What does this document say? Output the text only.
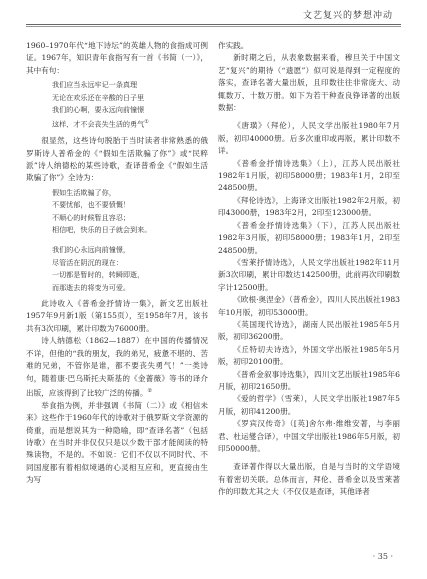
文艺复兴的梦想冲动

1960–1970年代“地下诗坛”的英雄人物的食指成可例证。1967年，知识青年食指写有一首《书简（一）》，其中有句：

我们应当永远牢记一条真理
无论在欢乐还在辛酸的日子里
我们的心啊，要永远向前憧憬
这样，才不会丧失生活的勇气①

很显然，这些诗句脱胎于当时读者非常熟悉的俄罗斯诗人普希金的《“假如生活欺骗了你”》或“民粹派”诗人纳德松的某些诗歌，查译普希金《“假如生活欺骗了你”》全诗为：

假如生活欺骗了你，
不要忧郁，也不要愤慨！
不顺心的时候暂且容忍；
相信吧，快乐的日子就会到来。
我们的心永远向前憧憬，
尽管活在阴沉的现在：
一切都是暂时的，转瞬即逝，
而那逝去的将变为可爱。

此诗收入《普希金抒情诗一集》，新文艺出版社1957年9月新1版（第155页），至1958年7月，该书共有3次印刷，累计印数为76000册。

诗人纳德松（1862—1887）在中国的传播情况不详，但他的“我的朋友，我的弟兄，疲惫不堪的、苦难的兄弟，不管你是谁，都不要丧失勇气！”一类诗句，随着康·巴乌斯托夫斯基的《金蔷薇》等书的译介出版，应该得到了比较广泛的传播。②

举食指为例，并非强调《书简（二）》或《相信未来》这些作于1960年代的诗歌对于俄罗斯文学资源的倚重，而是想说其为一种隐喻，即“查译名著”（包括诗歌）在当时并非仅仅只是以少数干部才能阅读的特殊读物，不是的。不如说：它们不仅以不同时代、不同国度都有着相似境遇的心灵相互应和，更直接由生为写

作实践。

新时期之后，从表象数据来看，穆旦关于中国文艺“复兴”的期待（“遗愿”）似可说是得到一定程度的落实，查译名著大量出版，且印数往往非常庞大、动辄数万、十数万册。如下为若干种查良铮译著的出版数据：

《唐璜》（拜伦），人民文学出版社1980年7月版，初印40000册。后多次重印或再版，累计印数不详。

《普希金抒情诗选集》（上），江苏人民出版社1982年1月版，初印58000册；1983年1月，2印至248500册。

《拜伦诗选》，上海译文出版社1982年2月版，初印43000册，1983年2月，2印至123000册。

《普希金抒情诗选集》（下），江苏人民出版社1982年3月版，初印58000册；1983年1月，2印至248500册。

《雪莱抒情诗选》，人民文学出版社1982年11月新3次印刷，累计印数达142500册，此前再次印刷数字计12500册。

《欧根·奥涅金》（普希金），四川人民出版社1983年10月版，初印53000册。

《英国现代诗选》，湖南人民出版社1985年5月版，初印36200册。

《丘特切夫诗选》，外国文学出版社1985年5月版，初印20100册。

《普希金叙事诗选集》，四川文艺出版社1985年6月版，初印21650册。

《爱的哲学》（雪莱），人民文学出版社1987年5月版，初印41200册。

《罗宾汉传奇》（[英]舍尔弗·维维安著，与李丽君、杜运燮合译），中国文学出版社1986年5月版，初印50000册。

查译著作得以大量出版，自是与当时的文学语境有着密切关联。总体而言，拜伦、普希金以及雪莱著作的印数尤其之大（不仅仅是查译，其他译者

· 35 ·
